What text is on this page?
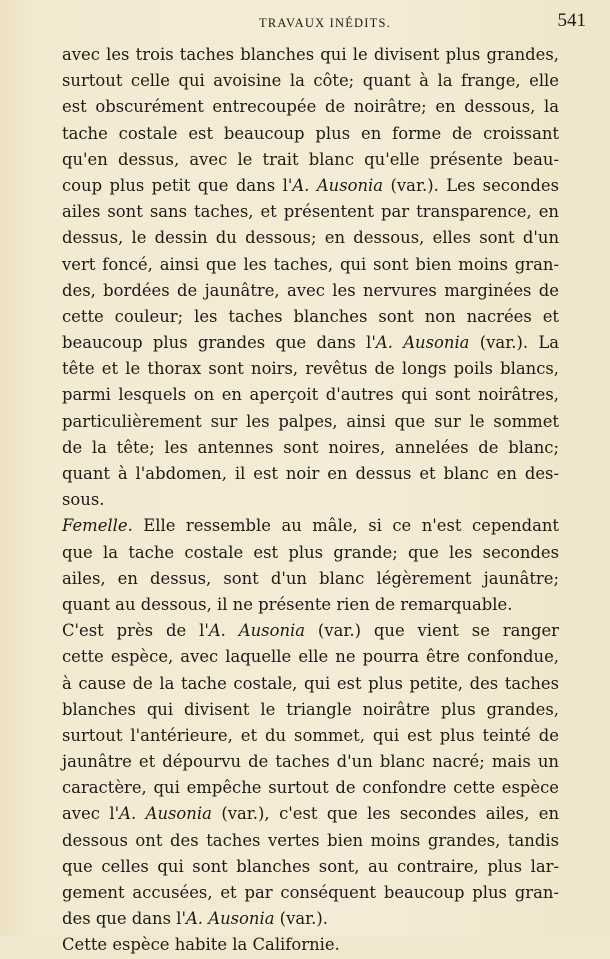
TRAVAUX INÉDITS.	541
avec les trois taches blanches qui le divisent plus grandes,
surtout celle qui avoisine la côte; quant à la frange, elle
est obscurément entrecoupée de noirâtre; en dessous, la
tache costale est beaucoup plus en forme de croissant
qu'en dessus, avec le trait blanc qu'elle présente beau-
coup plus petit que dans l'A. Ausonia (var.). Les secondes
ailes sont sans taches, et présentent par transparence, en
dessus, le dessin du dessous; en dessous, elles sont d'un
vert foncé, ainsi que les taches, qui sont bien moins gran-
des, bordées de jaunâtre, avec les nervures marginées de
cette couleur; les taches blanches sont non nacrées et
beaucoup plus grandes que dans l'A. Ausonia (var.). La
tête et le thorax sont noirs, revêtus de longs poils blancs,
parmi lesquels on en aperçoit d'autres qui sont noirâtres,
particulièrement sur les palpes, ainsi que sur le sommet
de la tête; les antennes sont noires, annelées de blanc;
quant à l'abdomen, il est noir en dessus et blanc en des-
sous.
Femelle. Elle ressemble au mâle, si ce n'est cependant
que la tache costale est plus grande; que les secondes
ailes, en dessus, sont d'un blanc légèrement jaunâtre;
quant au dessous, il ne présente rien de remarquable.
C'est près de l'A. Ausonia (var.) que vient se ranger
cette espèce, avec laquelle elle ne pourra être confondue,
à cause de la tache costale, qui est plus petite, des taches
blanches qui divisent le triangle noirâtre plus grandes,
surtout l'antérieure, et du sommet, qui est plus teinté de
jaunâtre et dépourvu de taches d'un blanc nacré; mais un
caractère, qui empêche surtout de confondre cette espèce
avec l'A. Ausonia (var.), c'est que les secondes ailes, en
dessous ont des taches vertes bien moins grandes, tandis
que celles qui sont blanches sont, au contraire, plus lar-
gement accusées, et par conséquent beaucoup plus gran-
des que dans l'A. Ausonia (var.).
Cette espèce habite la Californie.
